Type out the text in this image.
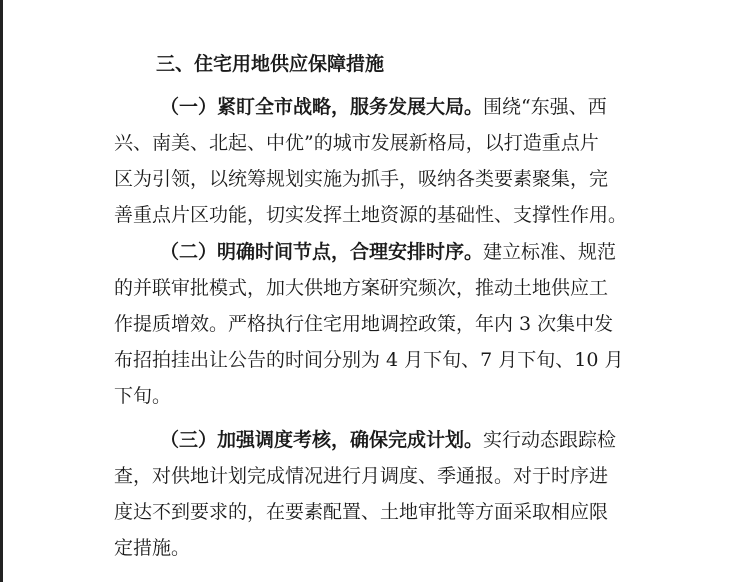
三、住宅用地供应保障措施
（一）紧盯全市战略，服务发展大局。围绕“东强、西
兴、南美、北起、中优”的城市发展新格局，以打造重点片
区为引领，以统筹规划实施为抓手，吸纳各类要素聚集，完
善重点片区功能，切实发挥土地资源的基础性、支撑性作用。
（二）明确时间节点，合理安排时序。建立标准、规范
的并联审批模式，加大供地方案研究频次，推动土地供应工
作提质增效。严格执行住宅用地调控政策，年内 3 次集中发
布招拍挂出让公告的时间分别为 4 月下旬、7 月下旬、10 月
下旬。
（三）加强调度考核，确保完成计划。实行动态跟踪检
查，对供地计划完成情况进行月调度、季通报。对于时序进
度达不到要求的，在要素配置、土地审批等方面采取相应限
定措施。
